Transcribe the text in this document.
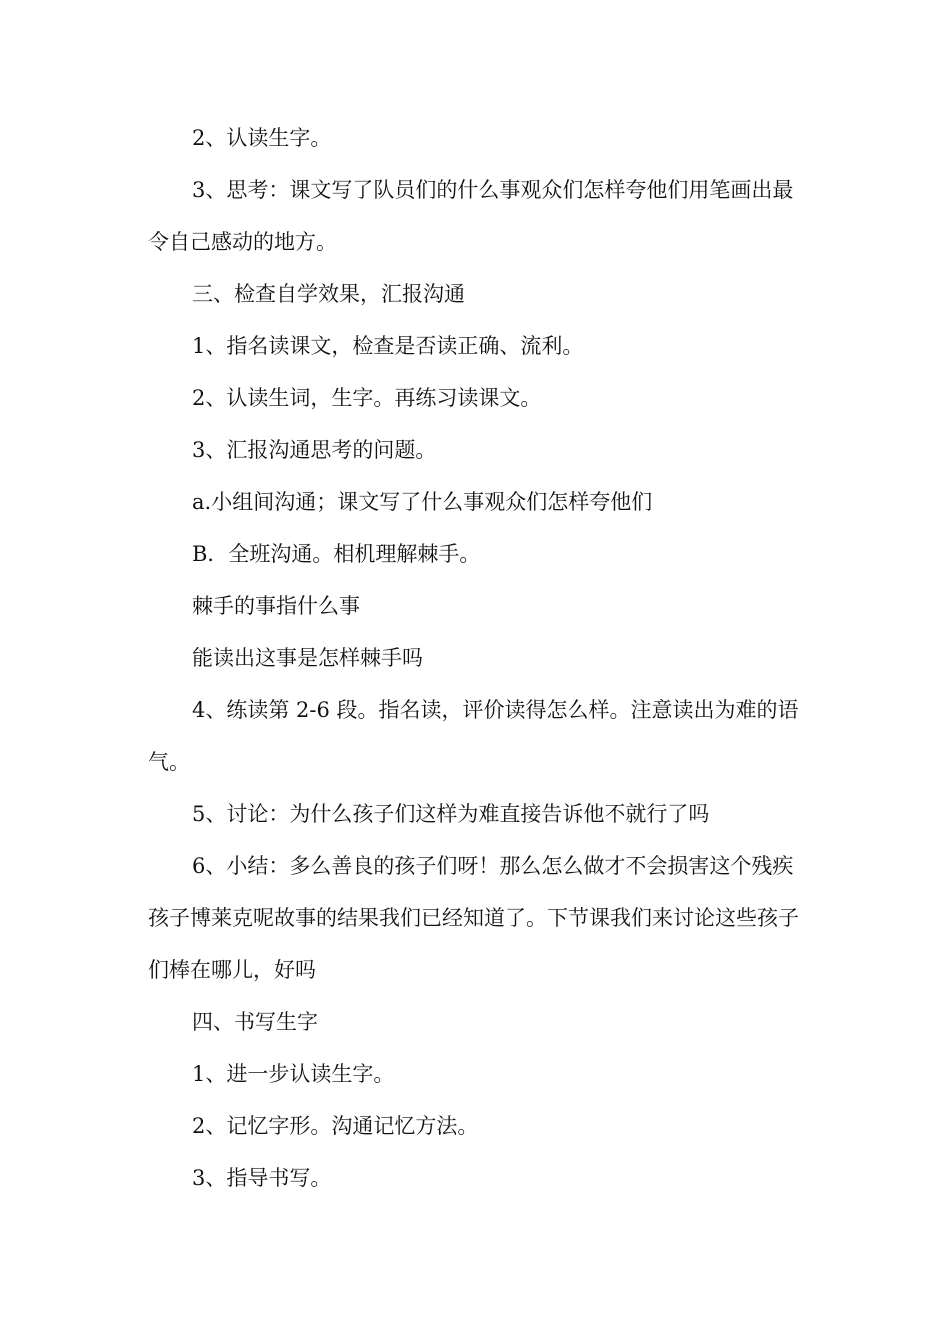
2、认读生字。

3、思考：课文写了队员们的什么事观众们怎样夸他们用笔画出最令自己感动的地方。

三、检查自学效果，汇报沟通

1、指名读课文，检查是否读正确、流利。

2、认读生词，生字。再练习读课文。

3、汇报沟通思考的问题。

a.小组间沟通；课文写了什么事观众们怎样夸他们

B．全班沟通。相机理解棘手。

棘手的事指什么事

能读出这事是怎样棘手吗

4、练读第 2-6 段。指名读，评价读得怎么样。注意读出为难的语气。

5、讨论：为什么孩子们这样为难直接告诉他不就行了吗

6、小结：多么善良的孩子们呀！那么怎么做才不会损害这个残疾孩子博莱克呢故事的结果我们已经知道了。下节课我们来讨论这些孩子们棒在哪儿，好吗

四、书写生字

1、进一步认读生字。

2、记忆字形。沟通记忆方法。

3、指导书写。
